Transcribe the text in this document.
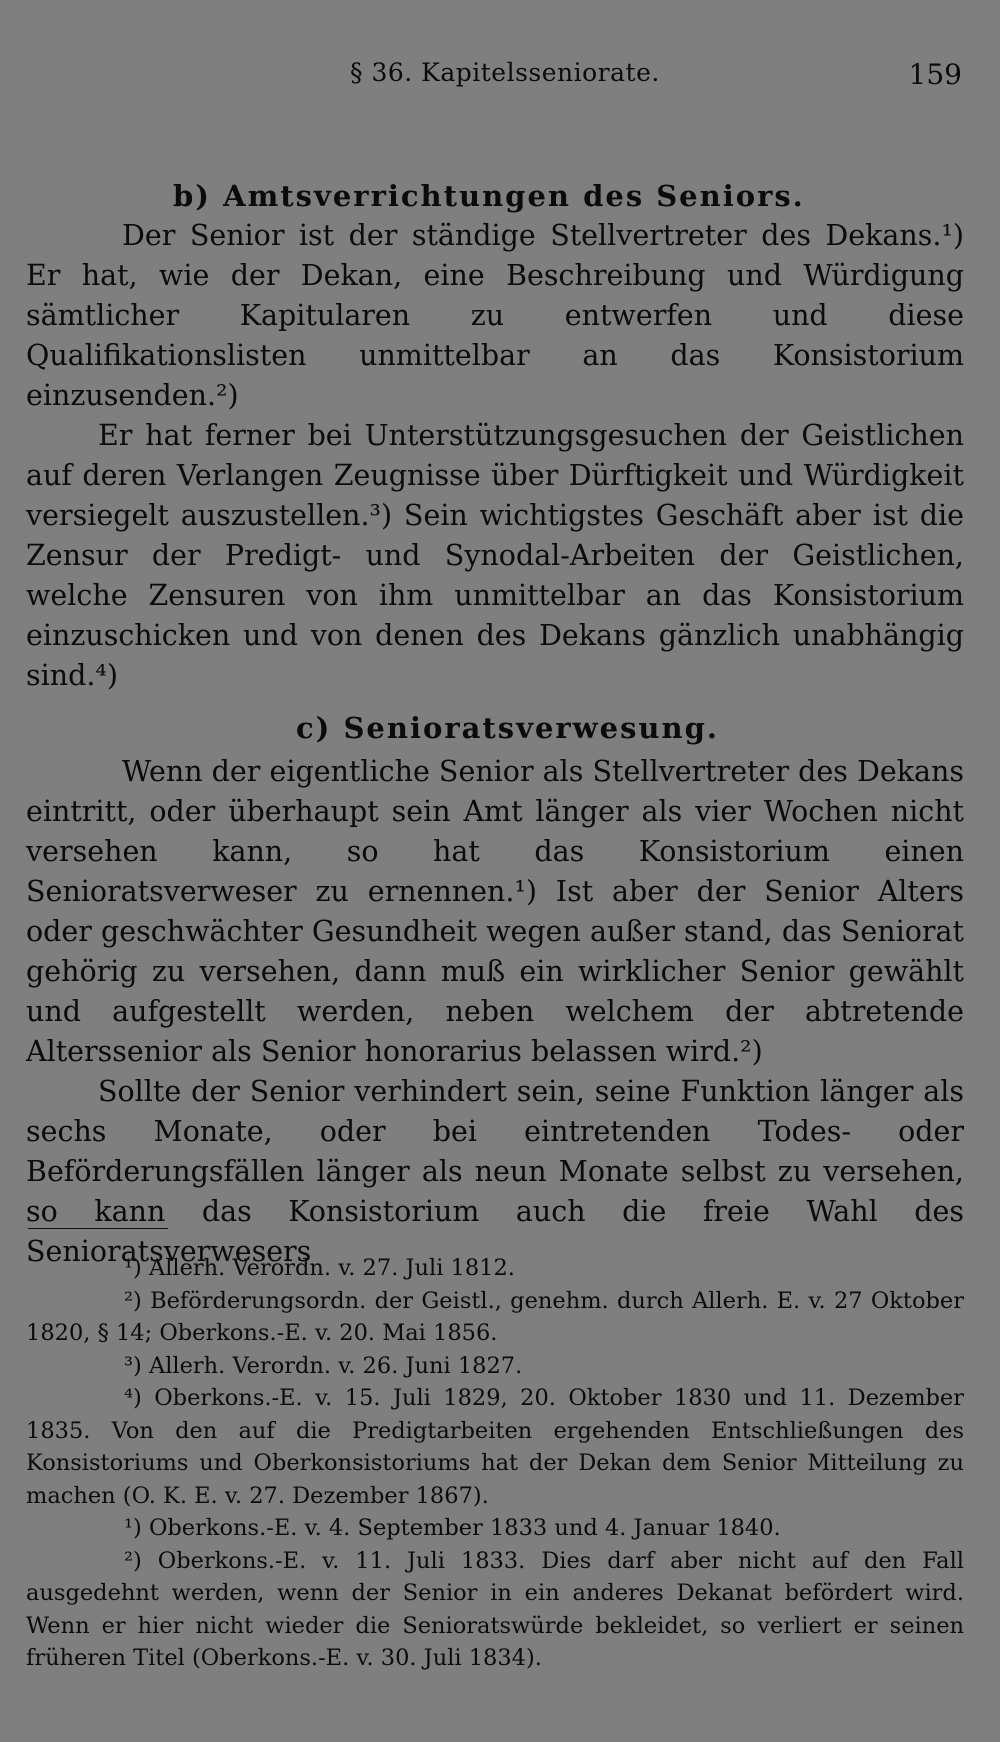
§ 36. Kapitelsseniorate.	159
b) Amtsverrichtungen des Seniors.

Der Senior ist der ständige Stellvertreter des Dekans.¹) Er hat, wie der Dekan, eine Beschreibung und Würdigung sämtlicher Kapitularen zu entwerfen und diese Qualifikationslisten unmittelbar an das Konsistorium einzusenden.²)

Er hat ferner bei Unterstützungsgesuchen der Geistlichen auf deren Verlangen Zeugnisse über Dürftigkeit und Würdigkeit versiegelt auszustellen.³) Sein wichtigstes Geschäft aber ist die Zensur der Predigt- und Synodal-Arbeiten der Geistlichen, welche Zensuren von ihm unmittelbar an das Konsistorium einzuschicken und von denen des Dekans gänzlich unabhängig sind.⁴)

c) Senioratsverwesung.

Wenn der eigentliche Senior als Stellvertreter des Dekans eintritt, oder überhaupt sein Amt länger als vier Wochen nicht versehen kann, so hat das Konsistorium einen Senioratsverweser zu ernennen.¹) Ist aber der Senior Alters oder geschwächter Gesundheit wegen außer stand, das Seniorat gehörig zu versehen, dann muß ein wirklicher Senior gewählt und aufgestellt werden, neben welchem der abtretende Alterssenior als Senior honorarius belassen wird.²)

Sollte der Senior verhindert sein, seine Funktion länger als sechs Monate, oder bei eintretenden Todes- oder Beförderungsfällen länger als neun Monate selbst zu versehen, so kann das Konsistorium auch die freie Wahl des Senioratsverwesers

¹) Allerh. Verordn. v. 27. Juli 1812.

²) Beförderungsordn. der Geistl., genehm. durch Allerh. E. v. 27 Oktober 1820, § 14; Oberkons.-E. v. 20. Mai 1856.

³) Allerh. Verordn. v. 26. Juni 1827.

⁴) Oberkons.-E. v. 15. Juli 1829, 20. Oktober 1830 und 11. Dezember 1835. Von den auf die Predigtarbeiten ergehenden Entschließungen des Konsistoriums und Oberkonsistoriums hat der Dekan dem Senior Mitteilung zu machen (O. K. E. v. 27. Dezember 1867).

¹) Oberkons.-E. v. 4. September 1833 und 4. Januar 1840.

²) Oberkons.-E. v. 11. Juli 1833. Dies darf aber nicht auf den Fall ausgedehnt werden, wenn der Senior in ein anderes Dekanat befördert wird. Wenn er hier nicht wieder die Senioratswürde bekleidet, so verliert er seinen früheren Titel (Oberkons.-E. v. 30. Juli 1834).
